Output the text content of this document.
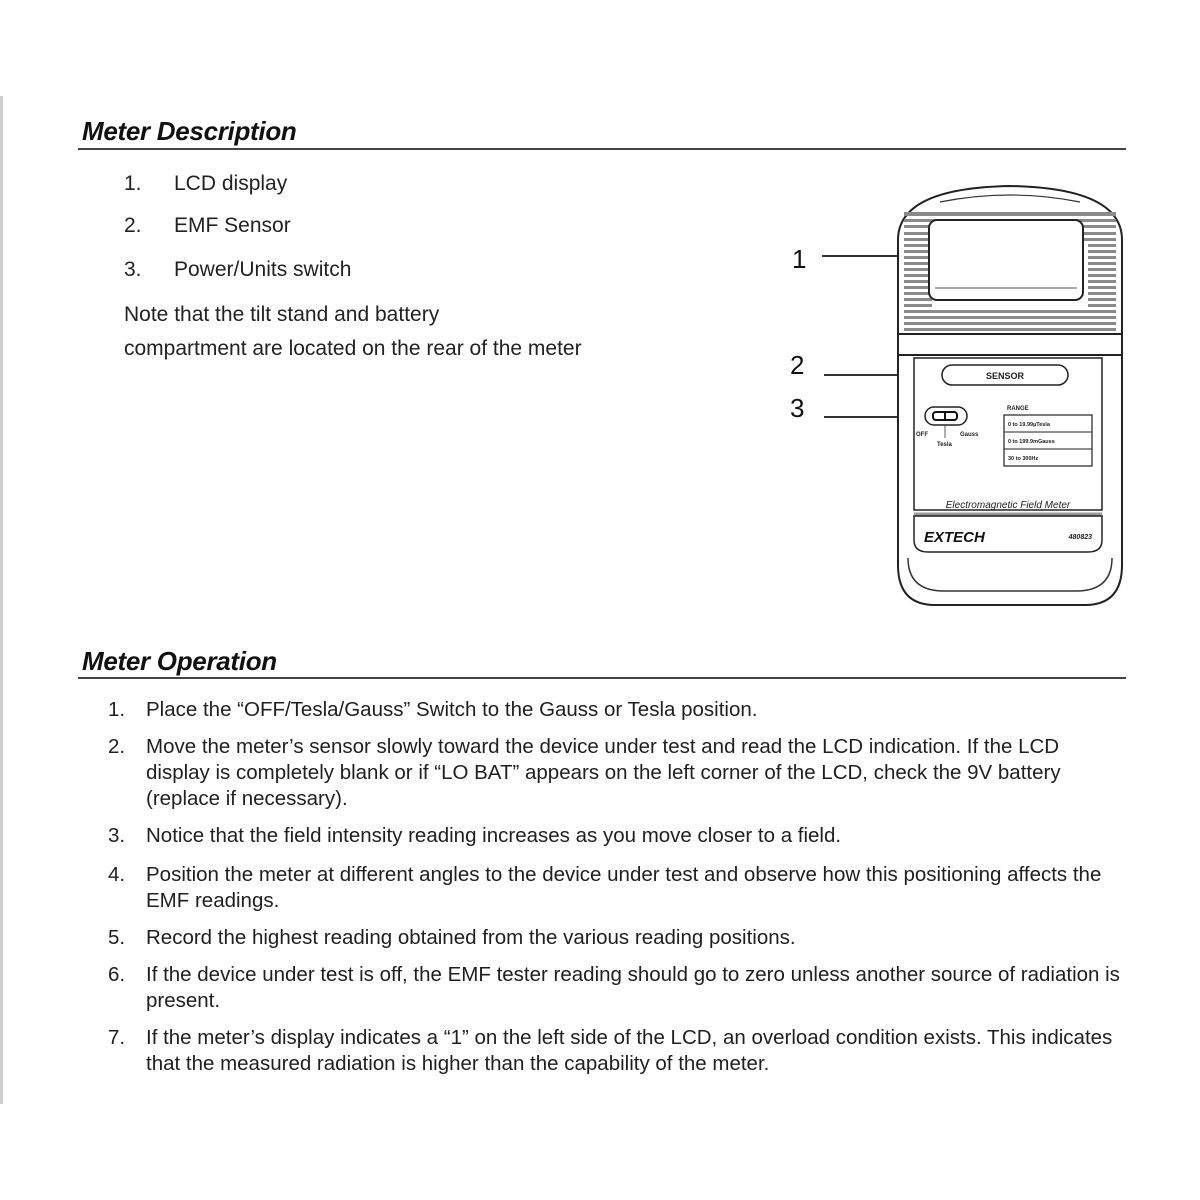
Meter Description
1. LCD display
2. EMF Sensor
3. Power/Units switch
Note that the tilt stand and battery
compartment are located on the rear of the meter
1
2
3
SENSOR
OFF
Tesla
Gauss
RANGE
0 to 19.99µTesla
0 to 199.9mGauss
30 to 300Hz
Electromagnetic Field Meter
EXTECH	480823
Meter Operation
1.	Place the “OFF/Tesla/Gauss” Switch to the Gauss or Tesla position.
2.	Move the meter’s sensor slowly toward the device under test and read the LCD indication. If the LCD display is completely blank or if “LO BAT” appears on the left corner of the LCD, check the 9V battery (replace if necessary).
3.	Notice that the field intensity reading increases as you move closer to a field.
4.	Position the meter at different angles to the device under test and observe how this positioning affects the EMF readings.
5.	Record the highest reading obtained from the various reading positions.
6.	If the device under test is off, the EMF tester reading should go to zero unless another source of radiation is present.
7.	If the meter’s display indicates a “1” on the left side of the LCD, an overload condition exists. This indicates that the measured radiation is higher than the capability of the meter.
